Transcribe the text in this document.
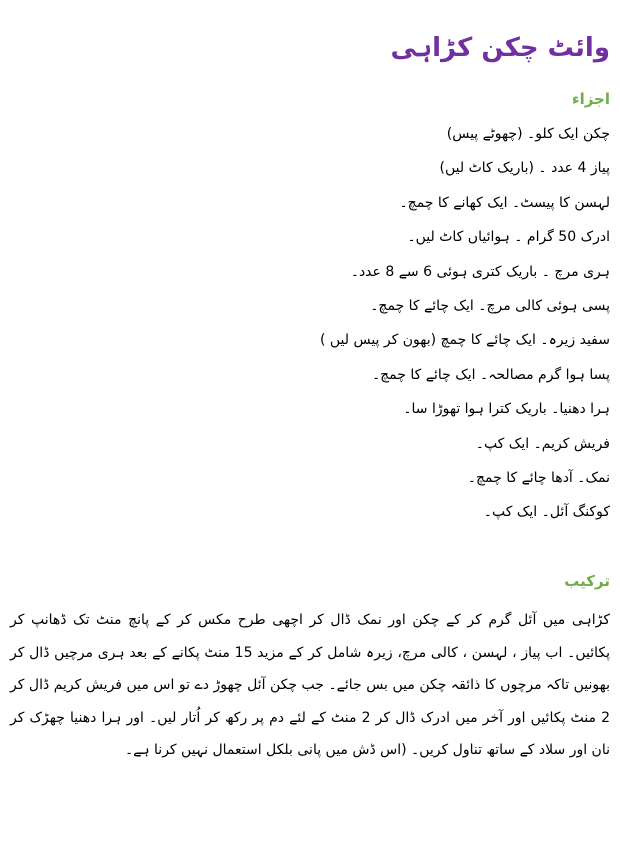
وائٹ چکن کڑاہی
اجزاء
چکن ایک کلو۔ (چھوٹے پیس)
پیاز 4 عدد ۔ (باریک کاٹ لیں)
لہسن کا پیسٹ۔ ایک کھانے کا چمچ۔
ادرک 50 گرام ۔ ہوائیاں کاٹ لیں۔
ہری مرچ ۔ باریک کتری ہوئی 6 سے 8 عدد۔
پسی ہوئی کالی مرچ۔ ایک چائے کا چمچ۔
سفید زیرہ۔ ایک چائے کا چمچ (بھون کر پیس لیں )
پسا ہوا گرم مصالحہ۔ ایک چائے کا چمچ۔
ہرا دھنیا۔ باریک کترا ہوا تھوڑا سا۔
فریش کریم۔ ایک کپ۔
نمک۔ آدھا چائے کا چمچ۔
کوکنگ آئل۔ ایک کپ۔
ترکیب

کڑاہی میں آئل گرم کر کے چکن اور نمک ڈال کر اچھی طرح مکس کر کے پانچ منٹ تک ڈھانپ کر پکائیں۔ اب پیاز ، لہسن ، کالی مرچ، زیرہ شامل کر کے مزید 15 منٹ پکانے کے بعد ہری مرچیں ڈال کر بھونیں تاکہ مرچوں کا ذائقہ چکن میں بس جائے۔ جب چکن آئل چھوڑ دے تو اس میں فریش کریم ڈال کر 2 منٹ پکائیں اور آخر میں ادرک ڈال کر 2 منٹ کے لئے دم پر رکھ کر اُتار لیں۔ اور ہرا دھنیا چھڑک کر نان اور سلاد کے ساتھ تناول کریں۔ (اس ڈش میں پانی بلکل استعمال نہیں کرنا ہے۔
